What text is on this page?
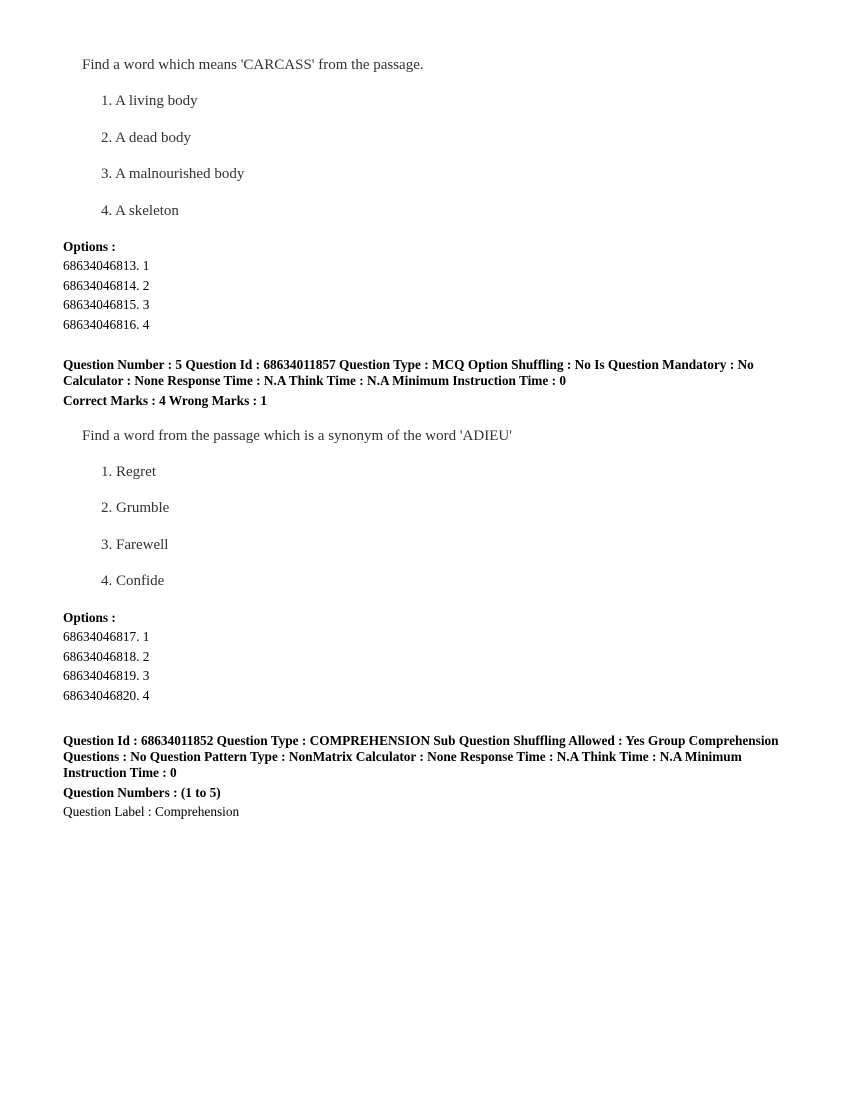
Find a word which means 'CARCASS' from the passage.
1. A living body
2. A dead body
3. A malnourished body
4. A skeleton
Options :
68634046813. 1
68634046814. 2
68634046815. 3
68634046816. 4
Question Number : 5 Question Id : 68634011857 Question Type : MCQ Option Shuffling : No Is Question Mandatory : No Calculator : None Response Time : N.A Think Time : N.A Minimum Instruction Time : 0
Correct Marks : 4 Wrong Marks : 1
Find a word from the passage which is a synonym of the word 'ADIEU'
1. Regret
2. Grumble
3. Farewell
4. Confide
Options :
68634046817. 1
68634046818. 2
68634046819. 3
68634046820. 4
Question Id : 68634011852 Question Type : COMPREHENSION Sub Question Shuffling Allowed : Yes Group Comprehension Questions : No Question Pattern Type : NonMatrix Calculator : None Response Time : N.A Think Time : N.A Minimum Instruction Time : 0
Question Numbers : (1 to 5)
Question Label : Comprehension
